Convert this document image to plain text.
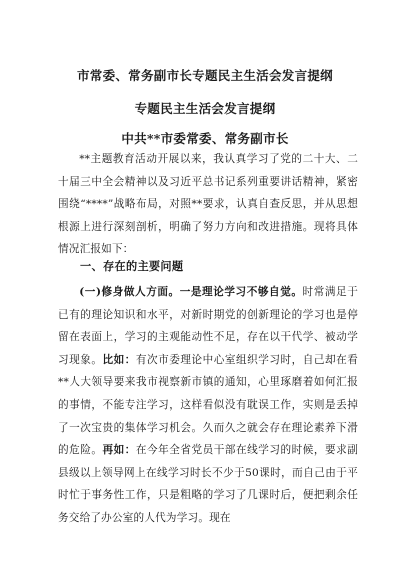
市常委、常务副市长专题民主生活会发言提纲
专题民主生活会发言提纲
中共**市委常委、常务副市长
**主题教育活动开展以来，我认真学习了党的二十大、二十届三中全会精神以及习近平总书记系列重要讲话精神，紧密围绕“****”战略布局，对照**要求，认真自查反思，并从思想根源上进行深刻剖析，明确了努力方向和改进措施。现将具体情况汇报如下：
一、存在的主要问题
(一)修身做人方面。一是理论学习不够自觉。时常满足于已有的理论知识和水平，对新时期党的创新理论的学习也是停留在表面上，学习的主观能动性不足，存在以干代学、被动学习现象。比如：有次市委理论中心室组织学习时，自己却在看**人大领导要来我市视察新市镇的通知，心里琢磨着如何汇报的事情，不能专注学习，这样看似没有耽误工作，实则是丢掉了一次宝贵的集体学习机会。久而久之就会存在理论素养下滑的危险。再如：在今年全省党员干部在线学习的时候，要求副县级以上领导网上在线学习时长不少于50课时，而自己由于平时忙于事务性工作，只是粗略的学习了几课时后，便把剩余任务交给了办公室的人代为学习。现在
